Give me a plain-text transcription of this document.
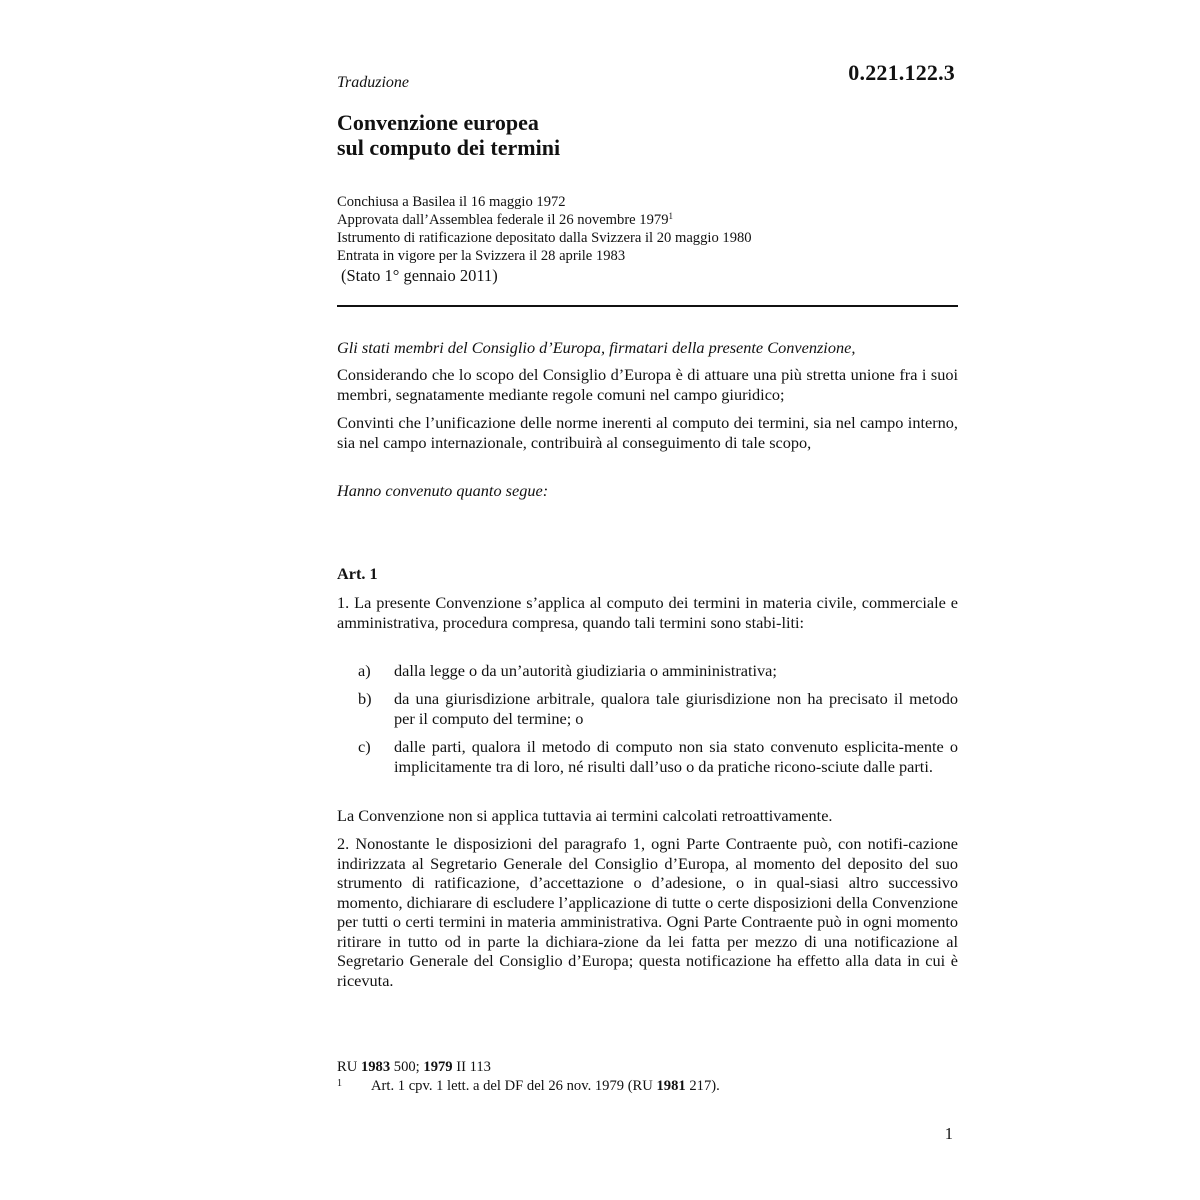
0.221.122.3
Traduzione
Convenzione europea
sul computo dei termini
Conchiusa a Basilea il 16 maggio 1972
Approvata dall’Assemblea federale il 26 novembre 1979$^1$
Istrumento di ratificazione depositato dalla Svizzera il 20 maggio 1980
Entrata in vigore per la Svizzera il 28 aprile 1983
(Stato 1° gennaio 2011)
Gli stati membri del Consiglio d’Europa, firmatari della presente Convenzione,
Considerando che lo scopo del Consiglio d’Europa è di attuare una più stretta unione fra i suoi membri, segnatamente mediante regole comuni nel campo giuridico;
Convinti che l’unificazione delle norme inerenti al computo dei termini, sia nel campo interno, sia nel campo internazionale, contribuirà al conseguimento di tale scopo,
Hanno convenuto quanto segue:
Art. 1
1. La presente Convenzione s’applica al computo dei termini in materia civile, commerciale e amministrativa, procedura compresa, quando tali termini sono stabi-liti:
a) dalla legge o da un’autorità giudiziaria o ammininistrativa;
b) da una giurisdizione arbitrale, qualora tale giurisdizione non ha precisato il metodo per il computo del termine; o
c) dalle parti, qualora il metodo di computo non sia stato convenuto esplicita-mente o implicitamente tra di loro, né risulti dall’uso o da pratiche ricono-sciute dalle parti.
La Convenzione non si applica tuttavia ai termini calcolati retroattivamente.
2. Nonostante le disposizioni del paragrafo 1, ogni Parte Contraente può, con notifi-cazione indirizzata al Segretario Generale del Consiglio d’Europa, al momento del deposito del suo strumento di ratificazione, d’accettazione o d’adesione, o in qual-siasi altro successivo momento, dichiarare di escludere l’applicazione di tutte o certe disposizioni della Convenzione per tutti o certi termini in materia amministrativa. Ogni Parte Contraente può in ogni momento ritirare in tutto od in parte la dichiara-zione da lei fatta per mezzo di una notificazione al Segretario Generale del Consiglio d’Europa; questa notificazione ha effetto alla data in cui è ricevuta.
RU 1983 500; 1979 II 113
1 Art. 1 cpv. 1 lett. a del DF del 26 nov. 1979 (RU 1981 217).
1
